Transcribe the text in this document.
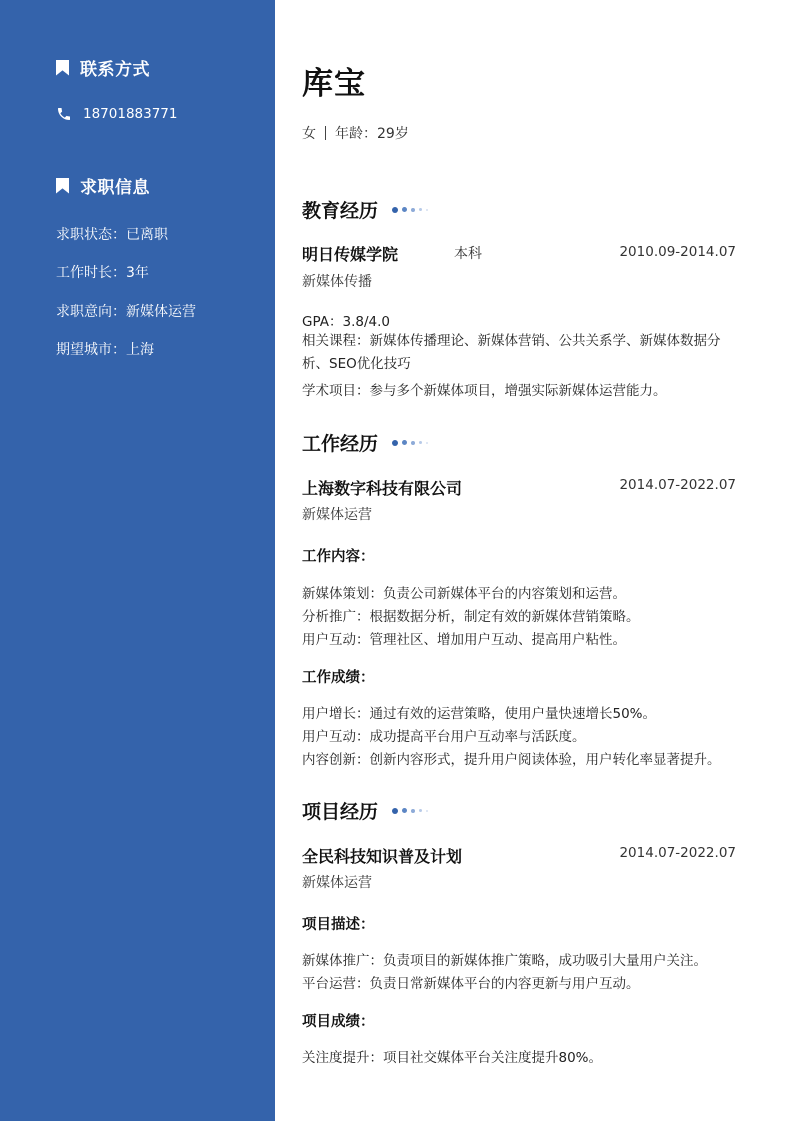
联系方式
18701883771
求职信息
求职状态：已离职
工作时长：3年
求职意向：新媒体运营
期望城市：上海
库宝
女 年龄：29岁
教育经历
明日传媒学院	本科	2010.09-2014.07
新媒体传播
GPA：3.8/4.0
相关课程：新媒体传播理论、新媒体营销、公共关系学、新媒体数据分析、SEO优化技巧
学术项目：参与多个新媒体项目，增强实际新媒体运营能力。
工作经历
上海数字科技有限公司	2014.07-2022.07
新媒体运营
工作内容：
新媒体策划：负责公司新媒体平台的内容策划和运营。
分析推广：根据数据分析，制定有效的新媒体营销策略。
用户互动：管理社区、增加用户互动、提高用户粘性。
工作成绩：
用户增长：通过有效的运营策略，使用户量快速增长50%。
用户互动：成功提高平台用户互动率与活跃度。
内容创新：创新内容形式，提升用户阅读体验，用户转化率显著提升。
项目经历
全民科技知识普及计划	2014.07-2022.07
新媒体运营
项目描述：
新媒体推广：负责项目的新媒体推广策略，成功吸引大量用户关注。
平台运营：负责日常新媒体平台的内容更新与用户互动。
项目成绩：
关注度提升：项目社交媒体平台关注度提升80%。
